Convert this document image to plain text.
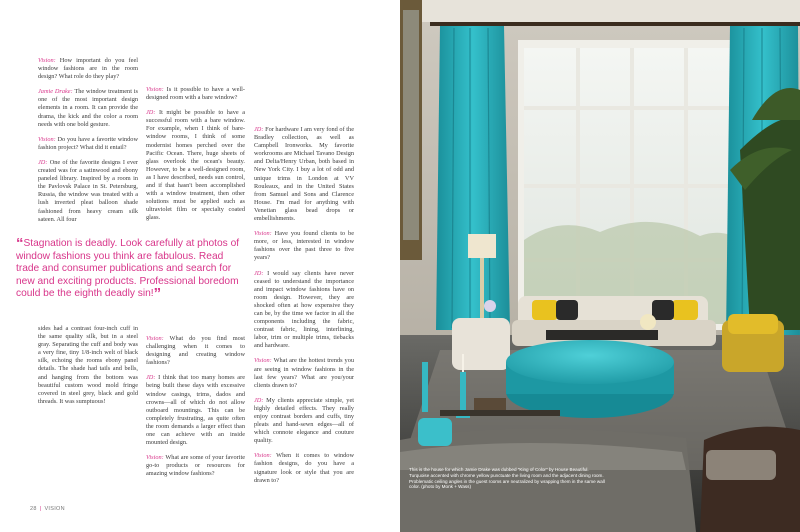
Vision: How important do you feel window fashions are in the room design? What role do they play?

Jamie Drake: The window treatment is one of the most important design elements in a room. It can provide the drama, the kick and the color a room needs with one bold gesture.

Vision: Do you have a favorite window fashion project? What did it entail?

JD: One of the favorite designs I ever created was for a satinwood and ebony paneled library. Inspired by a room in the Pavlovsk Palace in St. Petersburg, Russia, the window was treated with a lush inverted pleat balloon shade fashioned from heavy cream silk sateen. All four

sides had a contrast four-inch cuff in the same quality silk, but in a steel gray. Separating the cuff and body was a very fine, tiny 1/8-inch welt of black silk, echoing the rooms ebony panel details. The shade had tails and bells, and hanging from the bottom was beautiful custom wood mold fringe covered in steel grey, black and gold threads. It was sumptuous!

Vision: Is it possible to have a well-designed room with a bare window?

JD: It might be possible to have a successful room with a bare window. For example, when I think of bare-window rooms, I think of some modernist homes perched over the Pacific Ocean. There, huge sheets of glass overlook the ocean's beauty. However, to be a well-designed room, as I have described, needs sun control, and if that hasn't been accomplished with a window treatment, then other solutions must be applied such as ultraviolet film or specialty coated glass.

Vision: What do you find most challenging when it comes to designing and creating window fashions?

JD: I think that too many homes are being built these days with excessive window casings, trims, dados and crowns—all of which do not allow outboard mountings. This can be completely frustrating, as quite often the room demands a larger effect than one can achieve with an inside mounted design.

Vision: What are some of your favorite go-to products or resources for amazing window fashions?

JD: For hardware I am very fond of the Bradley collection, as well as Campbell Ironworks. My favorite workrooms are Michael Tavano Design and Delta/Henry Urban, both based in New York City. I buy a lot of odd and unique trims in London at VV Rouleaux, and in the United States from Samuel and Sons and Clarence House. I'm mad for anything with Venetian glass bead drops or embellishments.

Vision: Have you found clients to be more, or less, interested in window fashions over the past three to five years?

JD: I would say clients have never ceased to understand the importance and impact window fashions have on room design. However, they are shocked often at how expensive they can be, by the time we factor in all the components including the fabric, contrast fabric, lining, interlining, labor, trim or multiple trims, tiebacks and hardware.

Vision: What are the hottest trends you are seeing in window fashions in the last few years? What are you/your clients drawn to?

JD: My clients appreciate simple, yet highly detailed effects. They really enjoy contrast borders and cuffs, tiny pleats and hand-sewn edges—all of which connote elegance and couture quality.

Vision: When it comes to window fashion designs, do you have a signature look or style that you are drawn to?

“Stagnation is deadly. Look carefully at photos of window fashions you think are fabulous. Read trade and consumer publications and search for new and exciting products. Professional boredom could be the eighth deadly sin!”
28 | VISION
This is the house for which Jamie Drake was dubbed "King of Color" by House Beautiful. Turquoise accented with chrome yellow punctuate the living room and the adjacent dining room. Problematic ceiling angles in the guest rooms are neutralized by wrapping them in the same wall color. (photo by Monk + Wass)
